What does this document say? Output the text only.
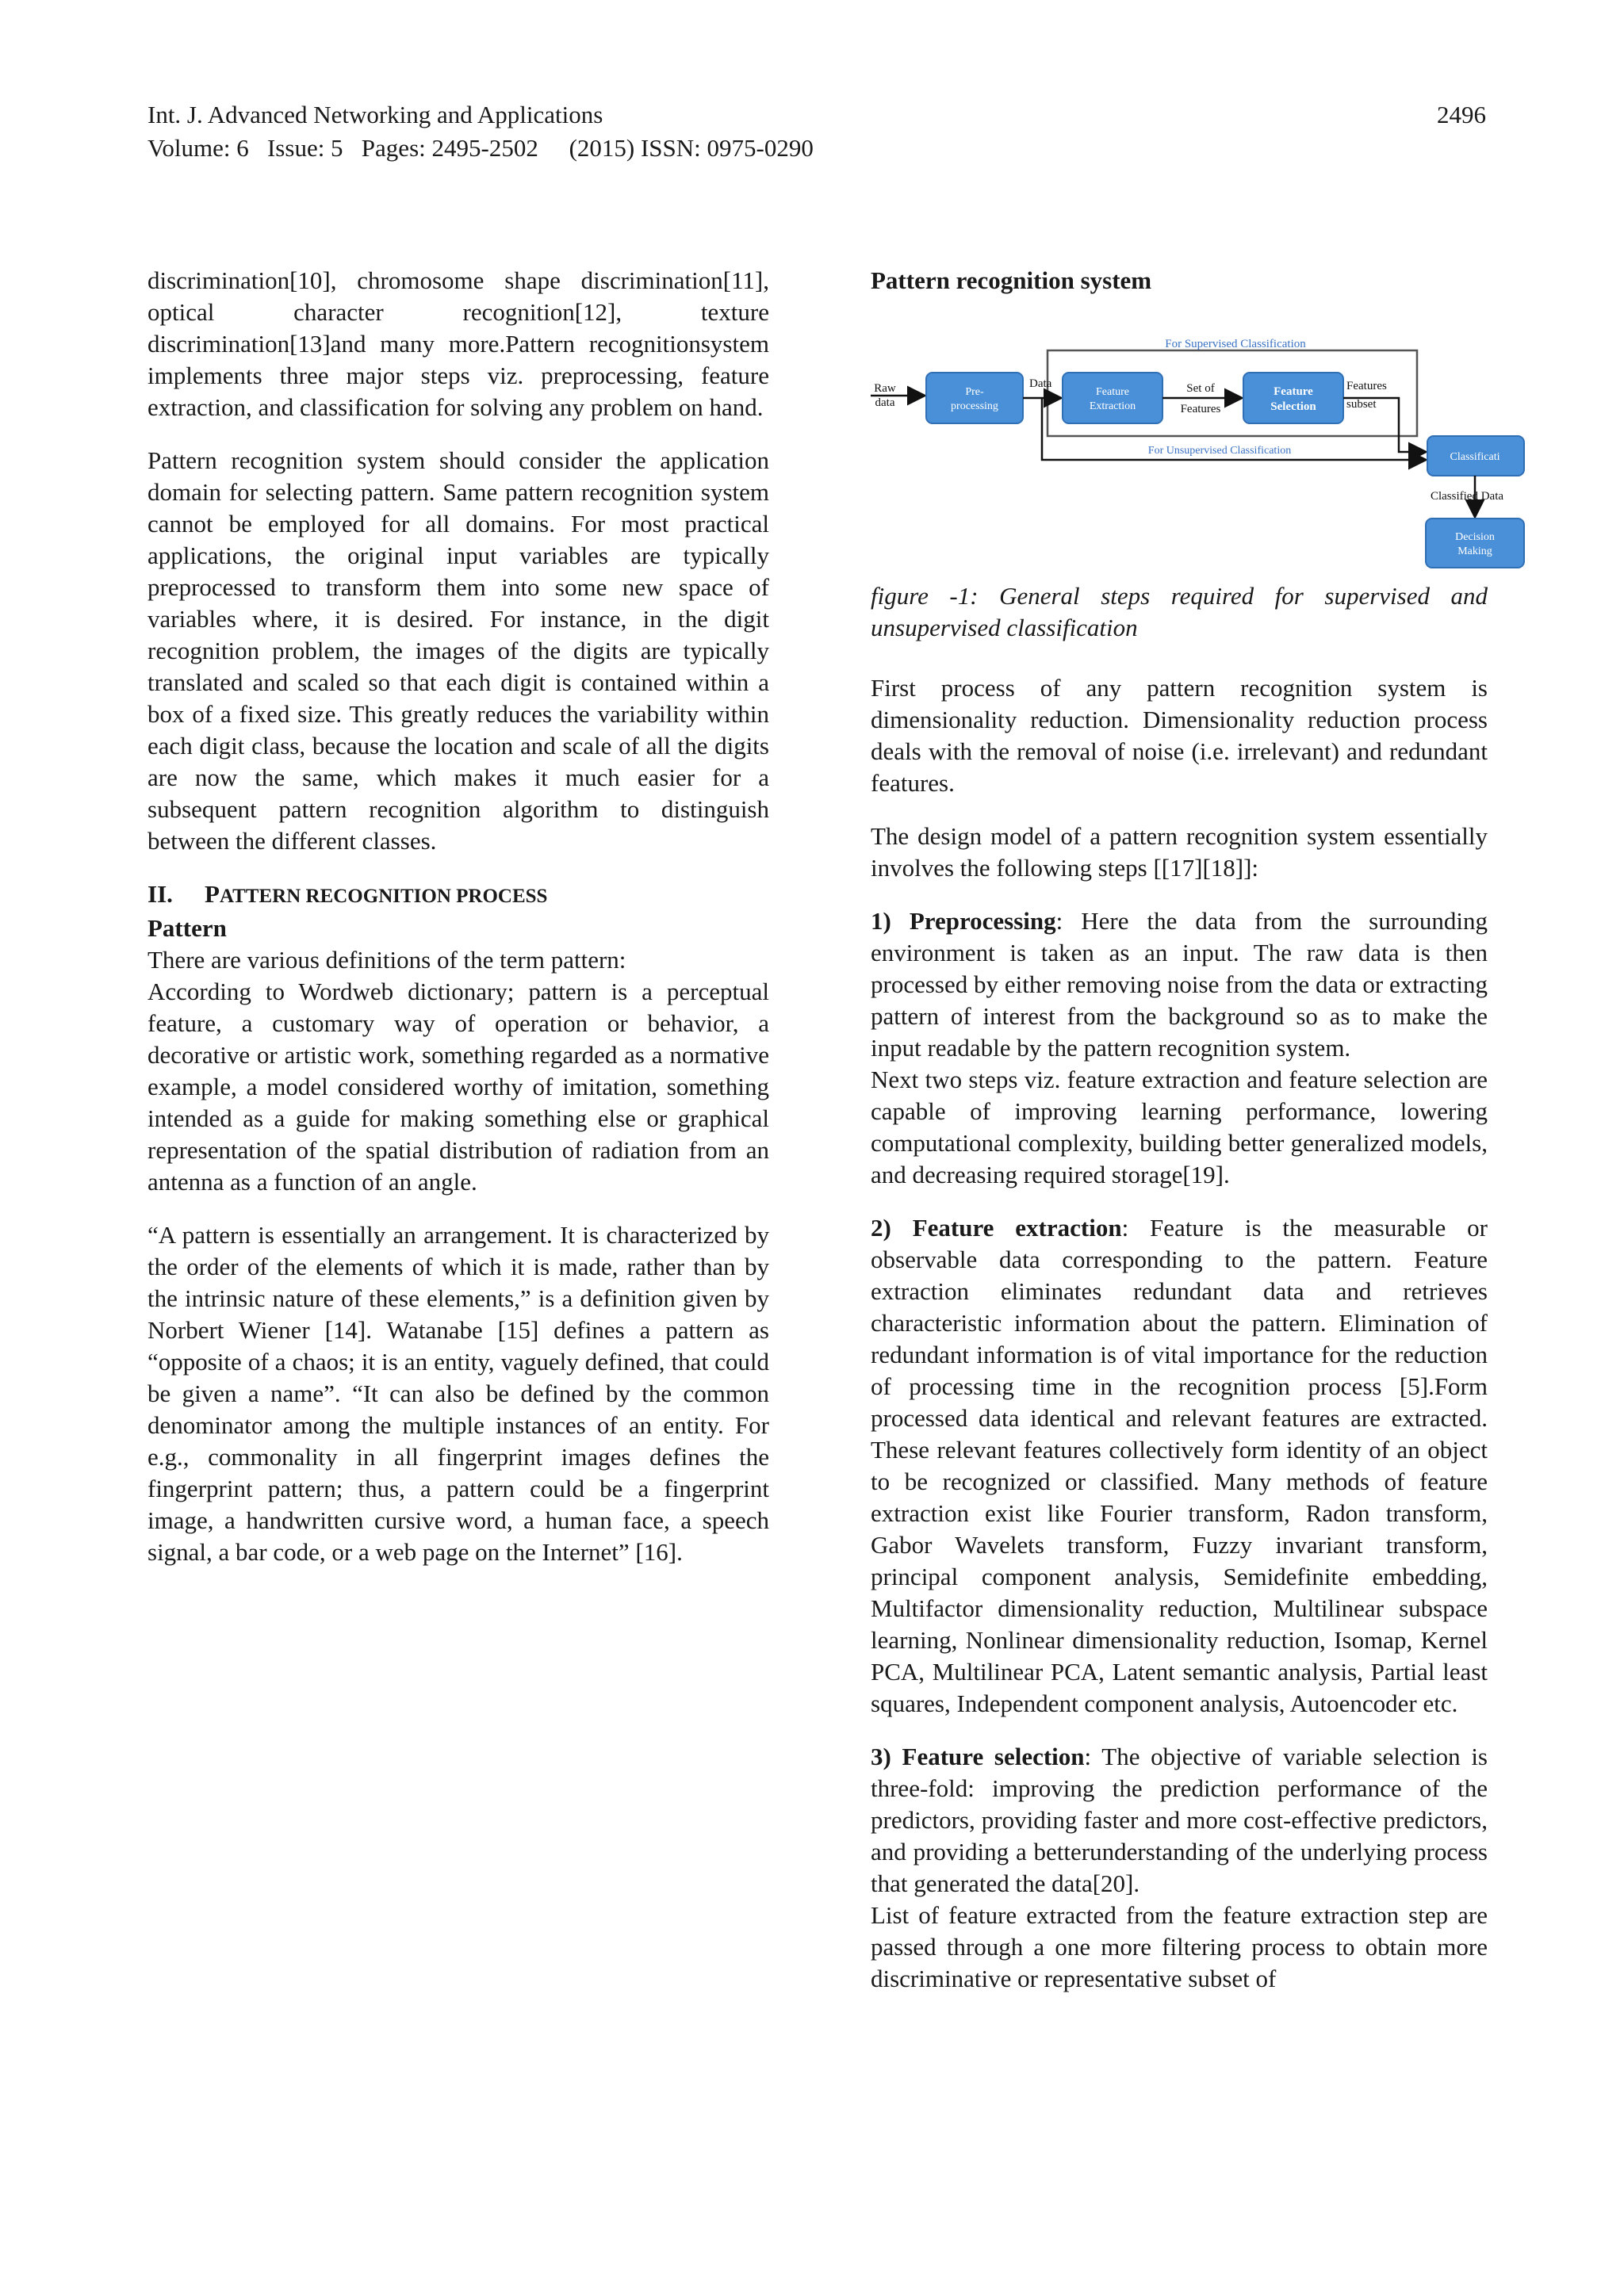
Int. J. Advanced Networking and Applications
Volume: 6   Issue: 5   Pages: 2495-2502     (2015) ISSN: 0975-0290
2496

discrimination[10], chromosome shape discrimination[11], optical character recognition[12], texture discrimination[13]and many more.Pattern recognitionsystem implements three major steps viz. preprocessing, feature extraction, and classification for solving any problem on hand.

Pattern recognition system should consider the application domain for selecting pattern. Same pattern recognition system cannot be employed for all domains. For most practical applications, the original input variables are typically preprocessed to transform them into some new space of variables where, it is desired. For instance, in the digit recognition problem, the images of the digits are typically translated and scaled so that each digit is contained within a box of a fixed size. This greatly reduces the variability within each digit class, because the location and scale of all the digits are now the same, which makes it much easier for a subsequent pattern recognition algorithm to distinguish between the different classes.

II. PATTERN RECOGNITION PROCESS
Pattern
There are various definitions of the term pattern:

According to Wordweb dictionary; pattern is a perceptual feature, a customary way of operation or behavior, a decorative or artistic work, something regarded as a normative example, a model considered worthy of imitation, something intended as a guide for making something else or graphical representation of the spatial distribution of radiation from an antenna as a function of an angle.

“A pattern is essentially an arrangement. It is characterized by the order of the elements of which it is made, rather than by the intrinsic nature of these elements,” is a definition given by Norbert Wiener [14]. Watanabe [15] defines a pattern as “opposite of a chaos; it is an entity, vaguely defined, that could be given a name”. “It can also be defined by the common denominator among the multiple instances of an entity. For e.g., commonality in all fingerprint images defines the fingerprint pattern; thus, a pattern could be a fingerprint image, a handwritten cursive word, a human face, a speech signal, a bar code, or a web page on the Internet” [16].

Pattern recognition system
For Supervised Classification
Raw
data
Pre-
processing
Data
Feature
Extraction
Set of
Features
Feature
Selection
Features
subset
For Unsupervised Classification
Classificati
Classified Data
Decision
Making
figure -1: General steps required for supervised and unsupervised classification

First process of any pattern recognition system is dimensionality reduction. Dimensionality reduction process deals with the removal of noise (i.e. irrelevant) and redundant features.

The design model of a pattern recognition system essentially involves the following steps [[17][18]]:

1) Preprocessing: Here the data from the surrounding environment is taken as an input. The raw data is then processed by either removing noise from the data or extracting pattern of interest from the background so as to make the input readable by the pattern recognition system.

Next two steps viz. feature extraction and feature selection are capable of improving learning performance, lowering computational complexity, building better generalized models, and decreasing required storage[19].

2) Feature extraction: Feature is the measurable or observable data corresponding to the pattern. Feature extraction eliminates redundant data and retrieves characteristic information about the pattern. Elimination of redundant information is of vital importance for the reduction of processing time in the recognition process [5].Form processed data identical and relevant features are extracted. These relevant features collectively form identity of an object to be recognized or classified. Many methods of feature extraction exist like Fourier transform, Radon transform, Gabor Wavelets transform, Fuzzy invariant transform, principal component analysis, Semidefinite embedding, Multifactor dimensionality reduction, Multilinear subspace learning, Nonlinear dimensionality reduction, Isomap, Kernel PCA, Multilinear PCA, Latent semantic analysis, Partial least squares, Independent component analysis, Autoencoder etc.

3) Feature selection: The objective of variable selection is three-fold: improving the prediction performance of the predictors, providing faster and more cost-effective predictors, and providing a betterunderstanding of the underlying process that generated the data[20].

List of feature extracted from the feature extraction step are passed through a one more filtering process to obtain more discriminative or representative subset of
